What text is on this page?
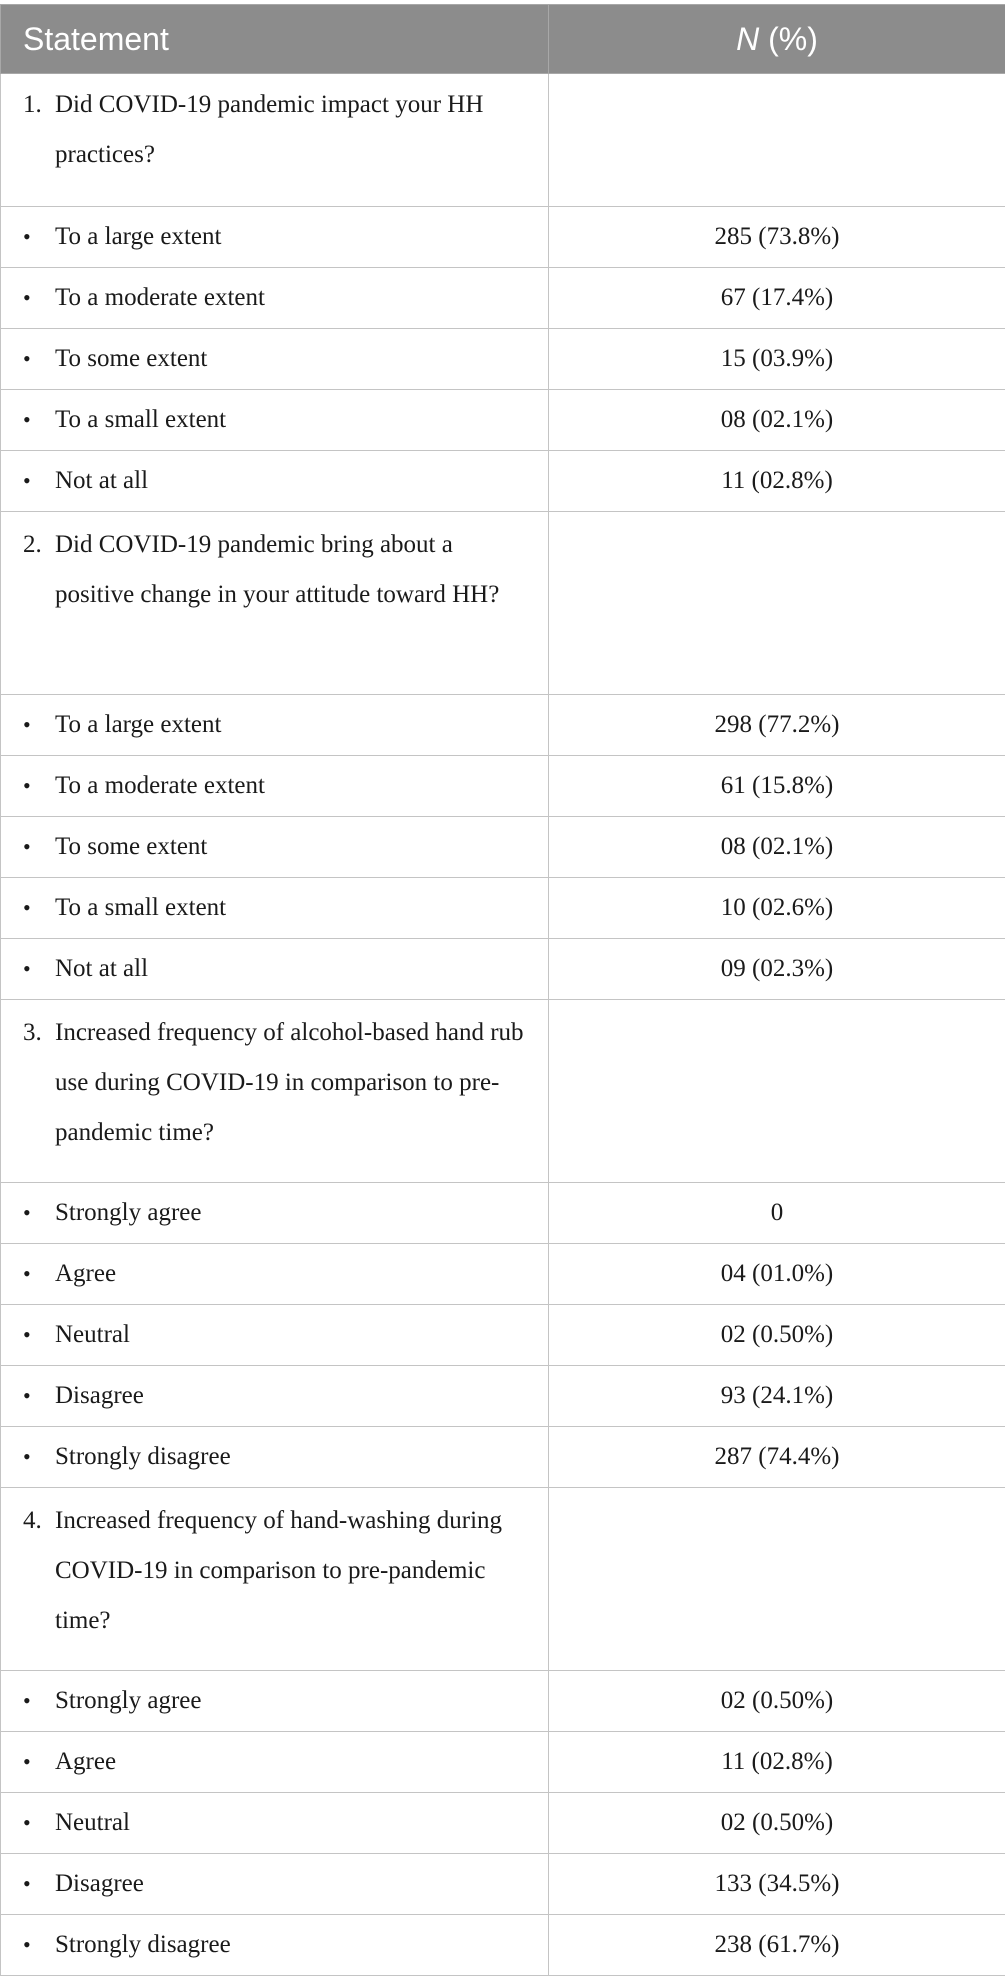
Statement	N (%)

1. Did COVID-19 pandemic impact your HH practices?	

• To a large extent	285 (73.8%)
• To a moderate extent	67 (17.4%)
• To some extent	15 (03.9%)
• To a small extent	08 (02.1%)
• Not at all	11 (02.8%)

2. Did COVID-19 pandemic bring about a positive change in your attitude toward HH?	

• To a large extent	298 (77.2%)
• To a moderate extent	61 (15.8%)
• To some extent	08 (02.1%)
• To a small extent	10 (02.6%)
• Not at all	09 (02.3%)

3. Increased frequency of alcohol-based hand rub use during COVID-19 in comparison to pre-pandemic time?	

• Strongly agree	0
• Agree	04 (01.0%)
• Neutral	02 (0.50%)
• Disagree	93 (24.1%)
• Strongly disagree	287 (74.4%)

4. Increased frequency of hand-washing during COVID-19 in comparison to pre-pandemic time?	

• Strongly agree	02 (0.50%)
• Agree	11 (02.8%)
• Neutral	02 (0.50%)
• Disagree	133 (34.5%)
• Strongly disagree	238 (61.7%)
